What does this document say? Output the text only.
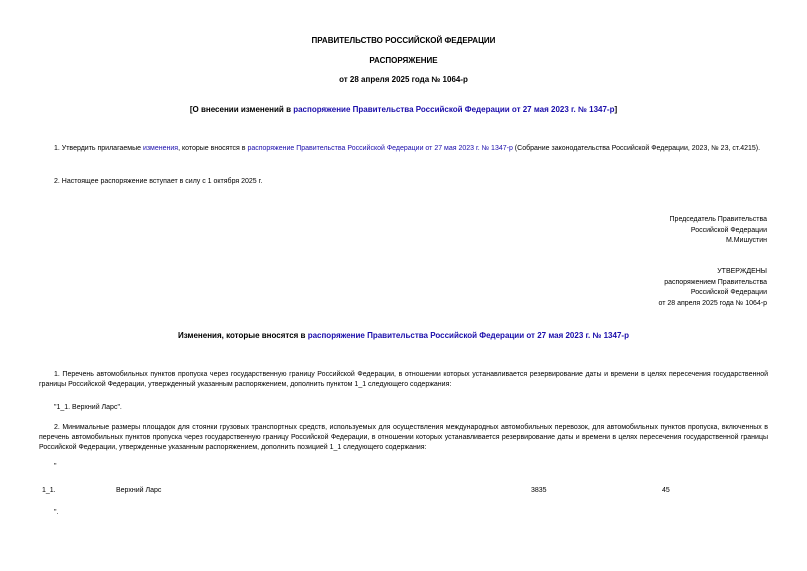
ПРАВИТЕЛЬСТВО РОССИЙСКОЙ ФЕДЕРАЦИИ
РАСПОРЯЖЕНИЕ
от 28 апреля 2025 года № 1064-р
[О внесении изменений в распоряжение Правительства Российской Федерации от 27 мая 2023 г. № 1347-р]
1. Утвердить прилагаемые изменения, которые вносятся в распоряжение Правительства Российской Федерации от 27 мая 2023 г. № 1347-р (Собрание законодательства Российской Федерации, 2023, № 23, ст.4215).
2. Настоящее распоряжение вступает в силу с 1 октября 2025 г.
Председатель Правительства
Российской Федерации
М.Мишустин
УТВЕРЖДЕНЫ
распоряжением Правительства
Российской Федерации
от 28 апреля 2025 года № 1064-р
Изменения, которые вносятся в распоряжение Правительства Российской Федерации от 27 мая 2023 г. № 1347-р
1. Перечень автомобильных пунктов пропуска через государственную границу Российской Федерации, в отношении которых устанавливается резервирование даты и времени в целях пересечения государственной границы Российской Федерации, утвержденный указанным распоряжением, дополнить пунктом 1_1 следующего содержания:
"1_1. Верхний Ларс".
2. Минимальные размеры площадок для стоянки грузовых транспортных средств, используемых для осуществления международных автомобильных перевозок, для автомобильных пунктов пропуска, включенных в перечень автомобильных пунктов пропуска через государственную границу Российской Федерации, в отношении которых устанавливается резервирование даты и времени в целях пересечения государственной границы Российской Федерации, утвержденные указанным распоряжением, дополнить позицией 1_1 следующего содержания:
"
1_1.	Верхний Ларс	3835	45
".
